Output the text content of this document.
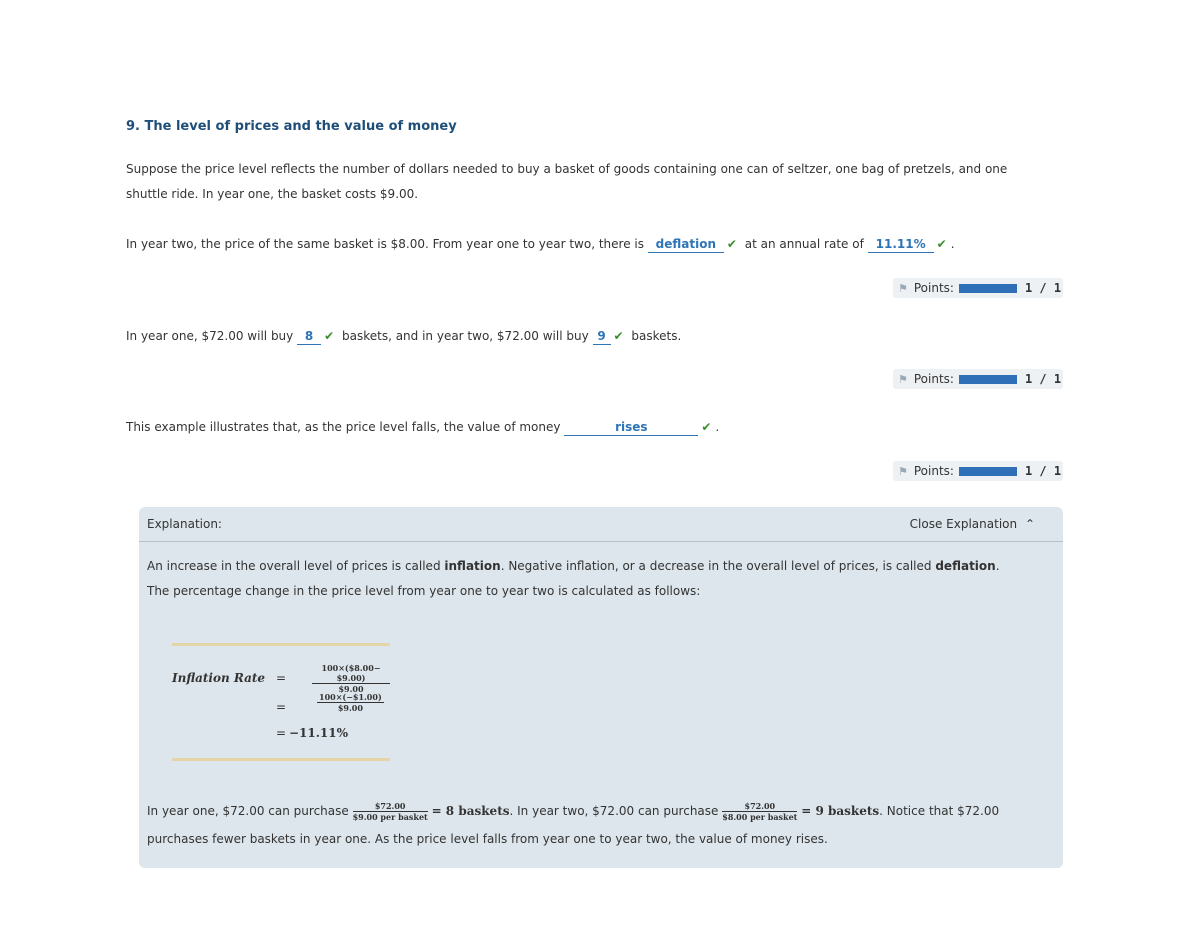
9. The level of prices and the value of money
Suppose the price level reflects the number of dollars needed to buy a basket of goods containing one can of seltzer, one bag of pretzels, and one
shuttle ride. In year one, the basket costs $9.00.
In year two, the price of the same basket is $8.00. From year one to year two, there is deflation ✔ at an annual rate of 11.11% ✔ .
⚑ Points:	1 / 1
In year one, $72.00 will buy 8 ✔ baskets, and in year two, $72.00 will buy 9 ✔ baskets.
⚑ Points:	1 / 1
This example illustrates that, as the price level falls, the value of money	rises	✔ .
⚑ Points:	1 / 1
Explanation:	Close Explanation ⌃
An increase in the overall level of prices is called inflation. Negative inflation, or a decrease in the overall level of prices, is called deflation.
The percentage change in the price level from year one to year two is calculated as follows:
Inflation Rate =	$\frac{100\times(\$8.00-\$9.00)}{\$9.00}$
=	$\frac{100\times(-\$1.00)}{\$9.00}$
= −11.11%
In year one, $72.00 can purchase $\frac{\$72.00}{\text{\$9.00 per basket}} = 8$ baskets. In year two, $72.00 can purchase $\frac{\$72.00}{\text{\$8.00 per basket}} = 9$ baskets. Notice that $72.00
purchases fewer baskets in year one. As the price level falls from year one to year two, the value of money rises.
